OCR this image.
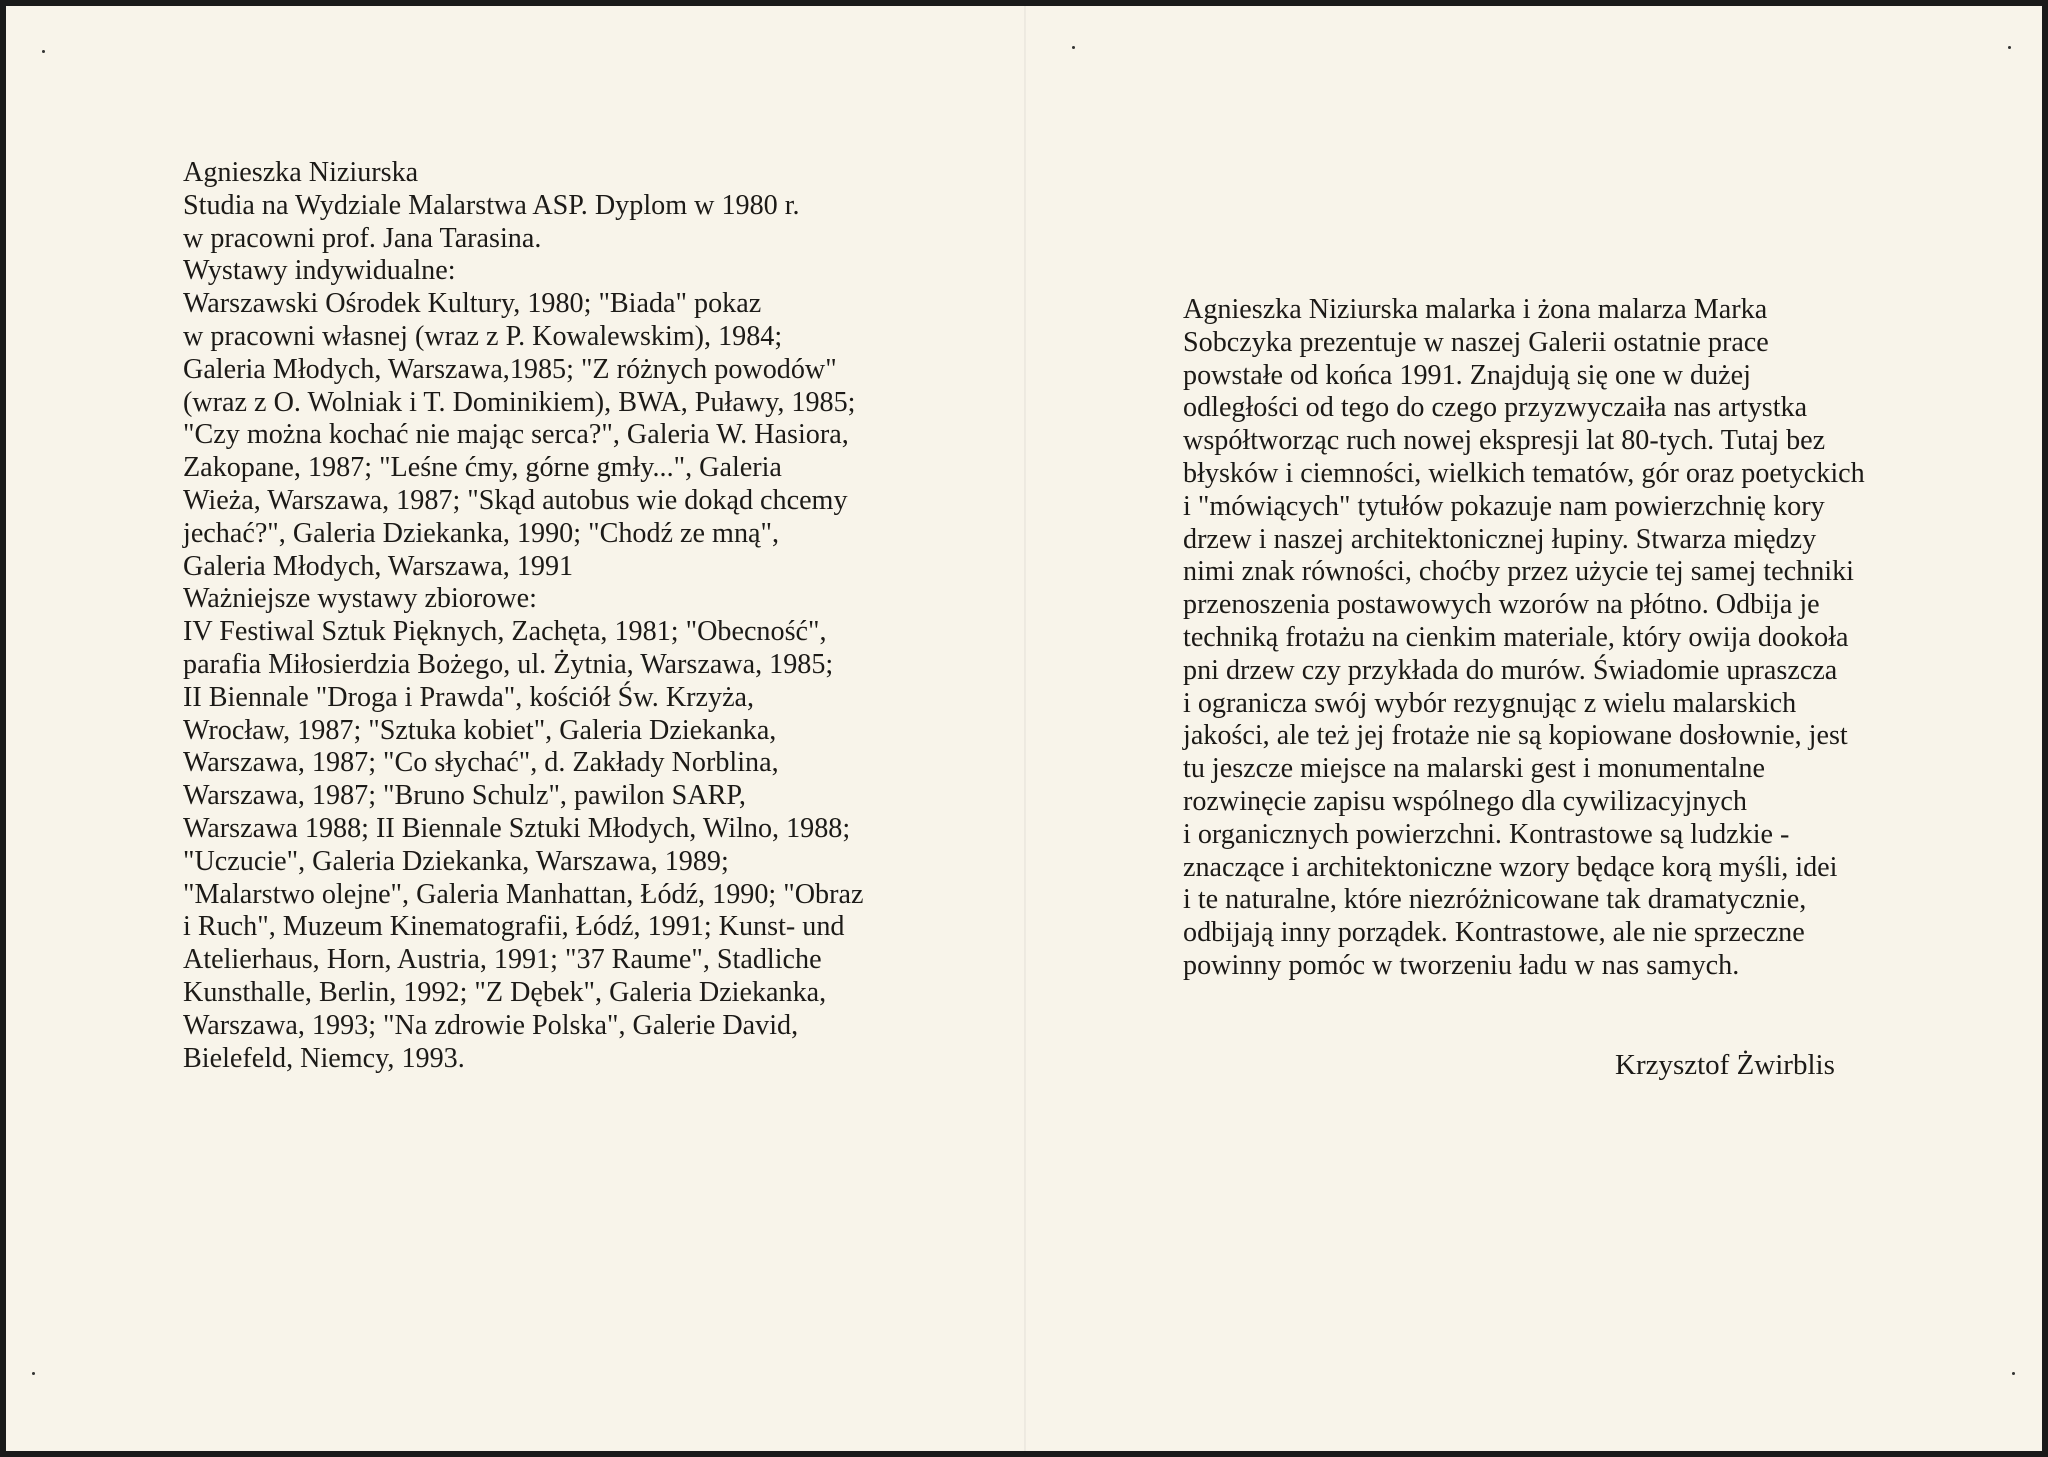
Agnieszka Niziurska
Studia na Wydziale Malarstwa ASP. Dyplom w 1980 r.
w pracowni prof. Jana Tarasina.
Wystawy indywidualne:
Warszawski Ośrodek Kultury, 1980; "Biada" pokaz
w pracowni własnej (wraz z P. Kowalewskim), 1984;
Galeria Młodych, Warszawa,1985; "Z różnych powodów"
(wraz z O. Wolniak i T. Dominikiem), BWA, Puławy, 1985;
"Czy można kochać nie mając serca?", Galeria W. Hasiora,
Zakopane, 1987; "Leśne ćmy, górne gmły...", Galeria
Wieża, Warszawa, 1987; "Skąd autobus wie dokąd chcemy
jechać?", Galeria Dziekanka, 1990; "Chodź ze mną",
Galeria Młodych, Warszawa, 1991
Ważniejsze wystawy zbiorowe:
IV Festiwal Sztuk Pięknych, Zachęta, 1981; "Obecność",
parafia Miłosierdzia Bożego, ul. Żytnia, Warszawa, 1985;
II Biennale "Droga i Prawda", kościół Św. Krzyża,
Wrocław, 1987; "Sztuka kobiet", Galeria Dziekanka,
Warszawa, 1987; "Co słychać", d. Zakłady Norblina,
Warszawa, 1987; "Bruno Schulz", pawilon SARP,
Warszawa 1988; II Biennale Sztuki Młodych, Wilno, 1988;
"Uczucie", Galeria Dziekanka, Warszawa, 1989;
"Malarstwo olejne", Galeria Manhattan, Łódź, 1990; "Obraz
i Ruch", Muzeum Kinematografii, Łódź, 1991; Kunst- und
Atelierhaus, Horn, Austria, 1991; "37 Raume", Stadliche
Kunsthalle, Berlin, 1992; "Z Dębek", Galeria Dziekanka,
Warszawa, 1993; "Na zdrowie Polska", Galerie David,
Bielefeld, Niemcy, 1993.
Agnieszka Niziurska malarka i żona malarza Marka
Sobczyka prezentuje w naszej Galerii ostatnie prace
powstałe od końca 1991. Znajdują się one w dużej
odległości od tego do czego przyzwyczaiła nas artystka
współtworząc ruch nowej ekspresji lat 80-tych. Tutaj bez
błysków i ciemności, wielkich tematów, gór oraz poetyckich
i "mówiących" tytułów pokazuje nam powierzchnię kory
drzew i naszej architektonicznej łupiny. Stwarza między
nimi znak równości, choćby przez użycie tej samej techniki
przenoszenia postawowych wzorów na płótno. Odbija je
techniką frotażu na cienkim materiale, który owija dookoła
pni drzew czy przykłada do murów. Świadomie upraszcza
i ogranicza swój wybór rezygnując z wielu malarskich
jakości, ale też jej frotaże nie są kopiowane dosłownie, jest
tu jeszcze miejsce na malarski gest i monumentalne
rozwinęcie zapisu wspólnego dla cywilizacyjnych
i organicznych powierzchni. Kontrastowe są ludzkie -
znaczące i architektoniczne wzory będące korą myśli, idei
i te naturalne, które niezróżnicowane tak dramatycznie,
odbijają inny porządek. Kontrastowe, ale nie sprzeczne
powinny pomóc w tworzeniu ładu w nas samych.
Krzysztof Żwirblis
